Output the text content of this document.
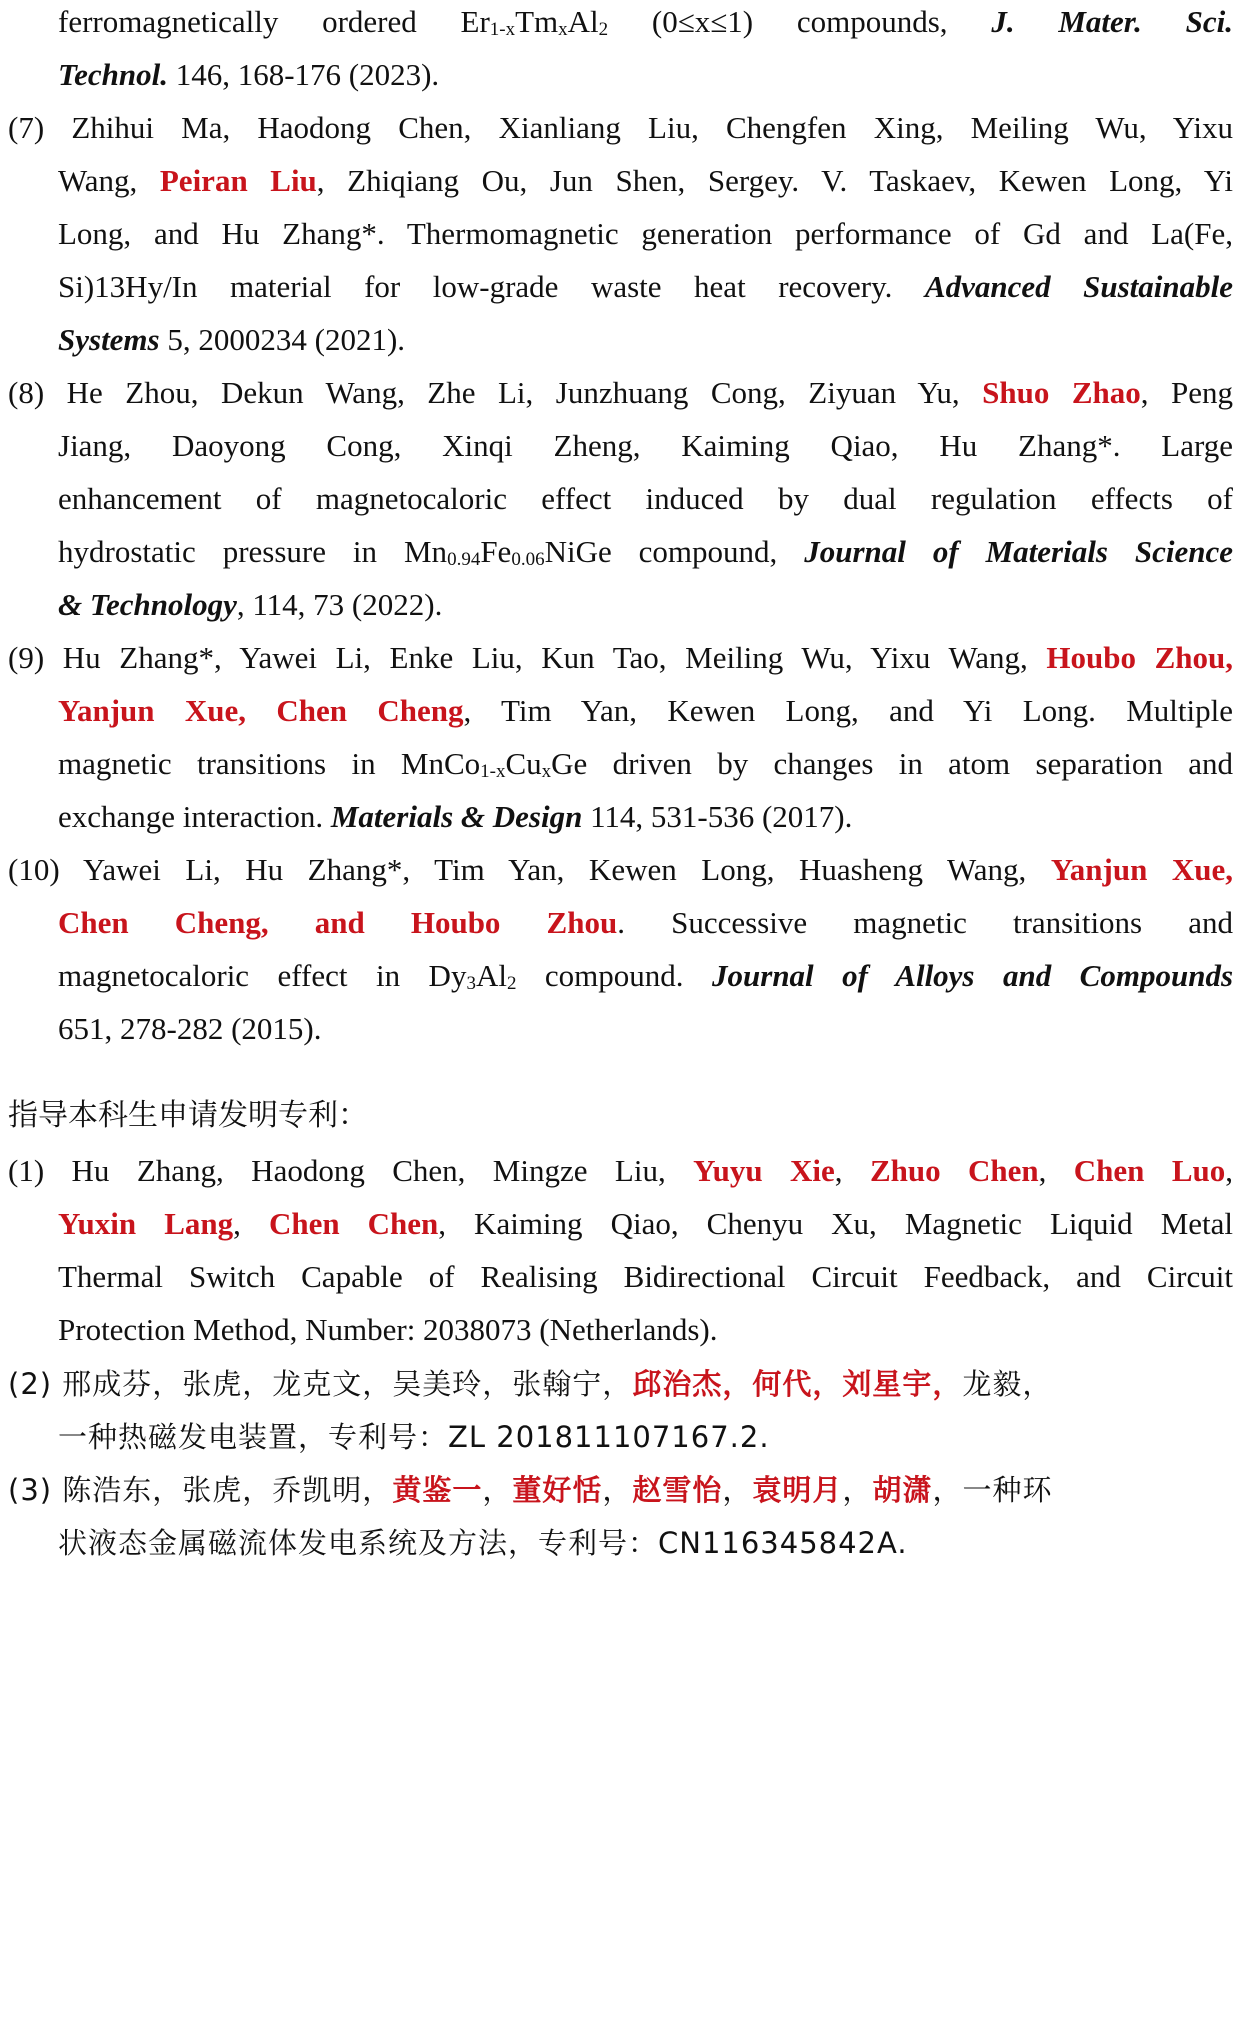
ferromagnetically ordered $Er_{1-x}Tm_xAl_2$ (0≤x≤1) compounds, J. Mater. Sci.
Technol. 146, 168-176 (2023).
(7) Zhihui Ma, Haodong Chen, Xianliang Liu, Chengfen Xing, Meiling Wu, Yixu
Wang, Peiran Liu, Zhiqiang Ou, Jun Shen, Sergey. V. Taskaev, Kewen Long, Yi
Long, and Hu Zhang*. Thermomagnetic generation performance of Gd and La(Fe,
Si)13Hy/In material for low-grade waste heat recovery. Advanced Sustainable
Systems 5, 2000234 (2021).
(8) He Zhou, Dekun Wang, Zhe Li, Junzhuang Cong, Ziyuan Yu, Shuo Zhao, Peng
Jiang, Daoyong Cong, Xinqi Zheng, Kaiming Qiao, Hu Zhang*. Large
enhancement of magnetocaloric effect induced by dual regulation effects of
hydrostatic pressure in $Mn_{0.94}Fe_{0.06}NiGe$ compound, Journal of Materials Science
& Technology, 114, 73 (2022).
(9) Hu Zhang*, Yawei Li, Enke Liu, Kun Tao, Meiling Wu, Yixu Wang, Houbo Zhou,
Yanjun Xue, Chen Cheng, Tim Yan, Kewen Long, and Yi Long. Multiple
magnetic transitions in $MnCo_{1-x}Cu_xGe$ driven by changes in atom separation and
exchange interaction. Materials & Design 114, 531-536 (2017).
(10) Yawei Li, Hu Zhang*, Tim Yan, Kewen Long, Huasheng Wang, Yanjun Xue,
Chen Cheng, and Houbo Zhou. Successive magnetic transitions and
magnetocaloric effect in $Dy_3Al_2$ compound. Journal of Alloys and Compounds
651, 278-282 (2015).
指导本科生申请发明专利：
(1) Hu Zhang, Haodong Chen, Mingze Liu, Yuyu Xie, Zhuo Chen, Chen Luo,
Yuxin Lang, Chen Chen, Kaiming Qiao, Chenyu Xu, Magnetic Liquid Metal
Thermal Switch Capable of Realising Bidirectional Circuit Feedback, and Circuit
Protection Method, Number: 2038073 (Netherlands).
(2) 邢成芬，张虎，龙克文，吴美玲，张翰宁，邱治杰，何代，刘星宇，龙毅，
一种热磁发电装置，专利号：ZL 201811107167.2.
(3) 陈浩东，张虎，乔凯明，黄鉴一，董好恬，赵雪怡，袁明月，胡潇，一种环
状液态金属磁流体发电系统及方法，专利号：CN116345842A.
